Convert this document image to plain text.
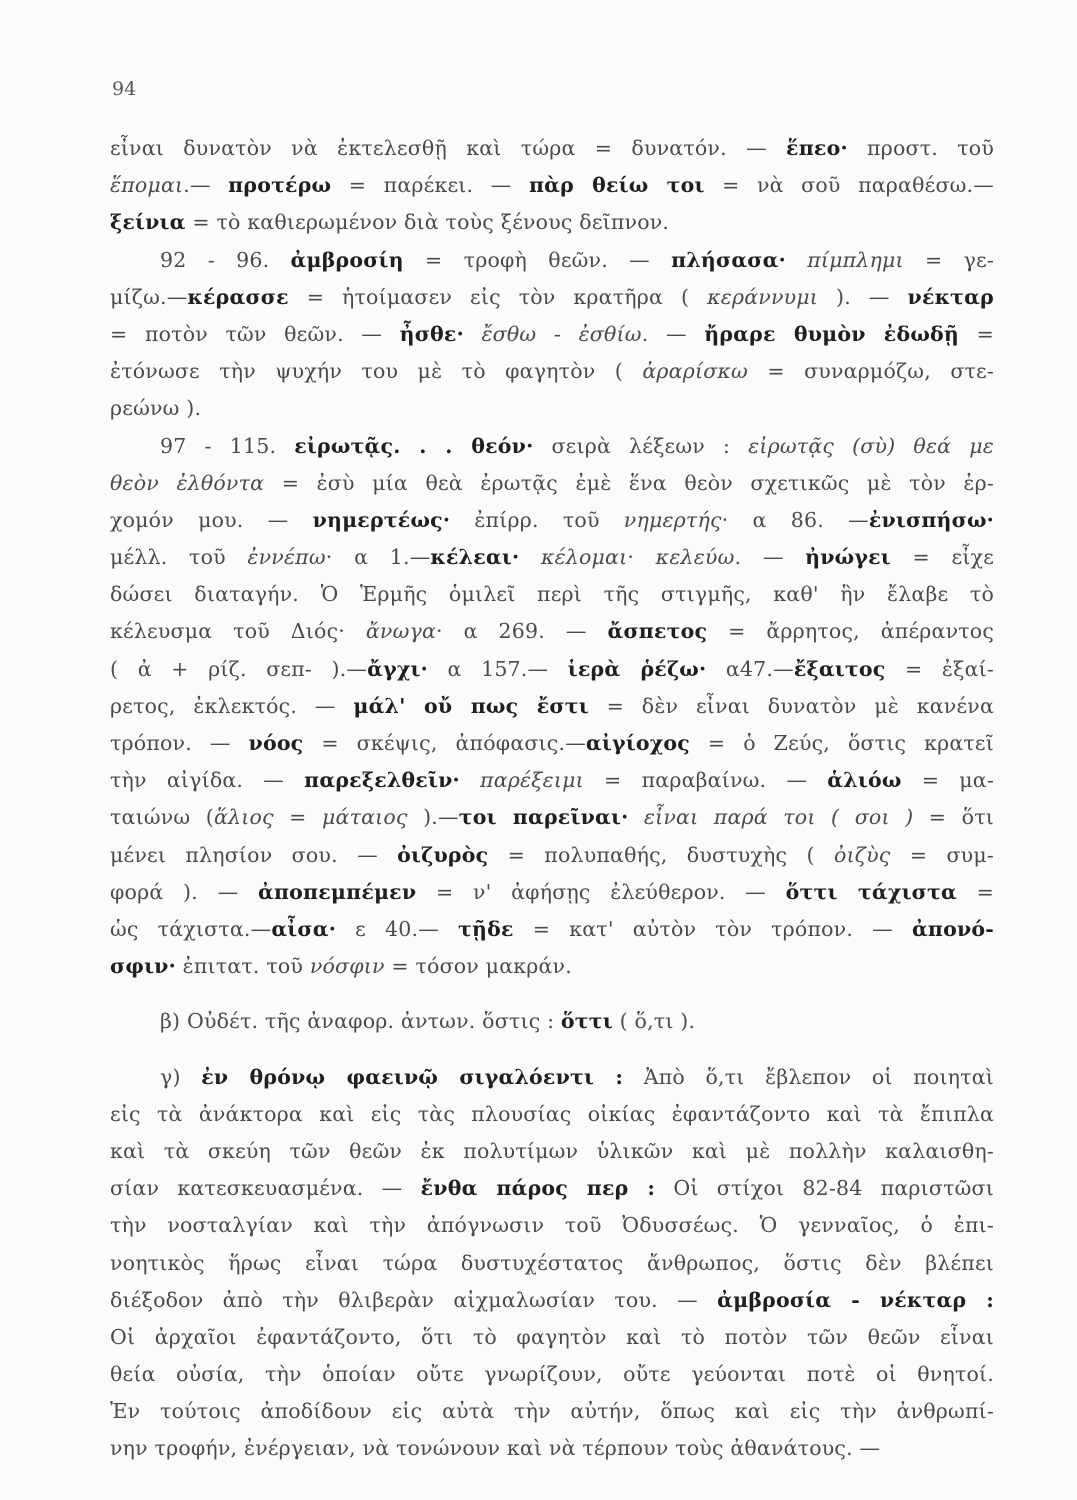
94
εἶναι δυνατὸν νὰ ἐκτελεσθῇ καὶ τώρα = δυνατόν. — ἕπεο· προστ. τοῦ
ἕπομαι.— προτέρω = παρέκει. — πὰρ θείω τοι = νὰ σοῦ παραθέσω.—
ξείνια = τὸ καθιερωμένον διὰ τοὺς ξένους δεῖπνον.
92 - 96. ἀμβροσίη = τροφὴ θεῶν. — πλήσασα· πίμπλημι = γε-
μίζω.—κέρασσε = ἡτοίμασεν εἰς τὸν κρατῆρα ( κεράννυμι ). — νέκταρ
= ποτὸν τῶν θεῶν. — ἦσθε· ἔσθω - ἐσθίω. — ἤραρε θυμὸν ἐδωδῇ =
ἐτόνωσε τὴν ψυχήν του μὲ τὸ φαγητὸν ( ἀραρίσκω = συναρμόζω, στε-
ρεώνω ).
97 - 115. εἰρωτᾷς. . . θεόν· σειρὰ λέξεων : εἰρωτᾷς (σὺ) θεά με
θεὸν ἐλθόντα = ἐσὺ μία θεὰ ἐρωτᾷς ἐμὲ ἕνα θεὸν σχετικῶς μὲ τὸν ἐρ-
χομόν μου. — νημερτέως· ἐπίρρ. τοῦ νημερτής· α 86. —ἐνισπήσω·
μέλλ. τοῦ ἐννέπω· α 1.—κέλεαι· κέλομαι· κελεύω. — ἠνώγει = εἶχε
δώσει διαταγήν. Ὁ Ἑρμῆς ὁμιλεῖ περὶ τῆς στιγμῆς, καθ' ἣν ἔλαβε τὸ
κέλευσμα τοῦ Διός· ἄνωγα· α 269. — ἄσπετος = ἄρρητος, ἀπέραντος
( ἀ + ρίζ. σεπ- ).—ἄγχι· α 157.— ἱερὰ ῥέζω· α47.—ἔξαιτος = ἐξαί-
ρετος, ἐκλεκτός. — μάλ' οὔ πως ἔστι = δὲν εἶναι δυνατὸν μὲ κανένα
τρόπον. — νόος = σκέψις, ἀπόφασις.—αἰγίοχος = ὁ Ζεύς, ὅστις κρατεῖ
τὴν αἰγίδα. — παρεξελθεῖν· παρέξειμι = παραβαίνω. — ἁλιόω = μα-
ταιώνω (ἅλιος = μάταιος ).—τοι παρεῖναι· εἶναι παρά τοι ( σοι ) = ὅτι
μένει πλησίον σου. — ὀιζυρὸς = πολυπαθής, δυστυχὴς ( ὀιζὺς = συμ-
φορά ). — ἀποπεμπέμεν = ν' ἀφήσῃς ἐλεύθερον. — ὅττι τάχιστα =
ὡς τάχιστα.—αἶσα· ε 40.— τῇδε = κατ' αὐτὸν τὸν τρόπον. — ἀπονό-
σφιν· ἐπιτατ. τοῦ νόσφιν = τόσον μακράν.
β) Οὐδέτ. τῆς ἀναφορ. ἀντων. ὅστις : ὅττι ( ὅ,τι ).
γ) ἐν θρόνῳ φαεινῷ σιγαλόεντι : Ἀπὸ ὅ,τι ἔβλεπον οἱ ποιηταὶ
εἰς τὰ ἀνάκτορα καὶ εἰς τὰς πλουσίας οἰκίας ἐφαντάζοντο καὶ τὰ ἔπιπλα
καὶ τὰ σκεύη τῶν θεῶν ἐκ πολυτίμων ὑλικῶν καὶ μὲ πολλὴν καλαισθη-
σίαν κατεσκευασμένα. — ἔνθα πάρος περ : Οἱ στίχοι 82-84 παριστῶσι
τὴν νοσταλγίαν καὶ τὴν ἀπόγνωσιν τοῦ Ὀδυσσέως. Ὁ γενναῖος, ὁ ἐπι-
νοητικὸς ἥρως εἶναι τώρα δυστυχέστατος ἄνθρωπος, ὅστις δὲν βλέπει
διέξοδον ἀπὸ τὴν θλιβερὰν αἰχμαλωσίαν του. — ἀμβροσία - νέκταρ :
Οἱ ἀρχαῖοι ἐφαντάζοντο, ὅτι τὸ φαγητὸν καὶ τὸ ποτὸν τῶν θεῶν εἶναι
θεία οὐσία, τὴν ὁποίαν οὔτε γνωρίζουν, οὔτε γεύονται ποτὲ οἱ θνητοί.
Ἐν τούτοις ἀποδίδουν εἰς αὐτὰ τὴν αὐτήν, ὅπως καὶ εἰς τὴν ἀνθρωπί-
νην τροφήν, ἐνέργειαν, νὰ τονώνουν καὶ νὰ τέρπουν τοὺς ἀθανάτους. —
